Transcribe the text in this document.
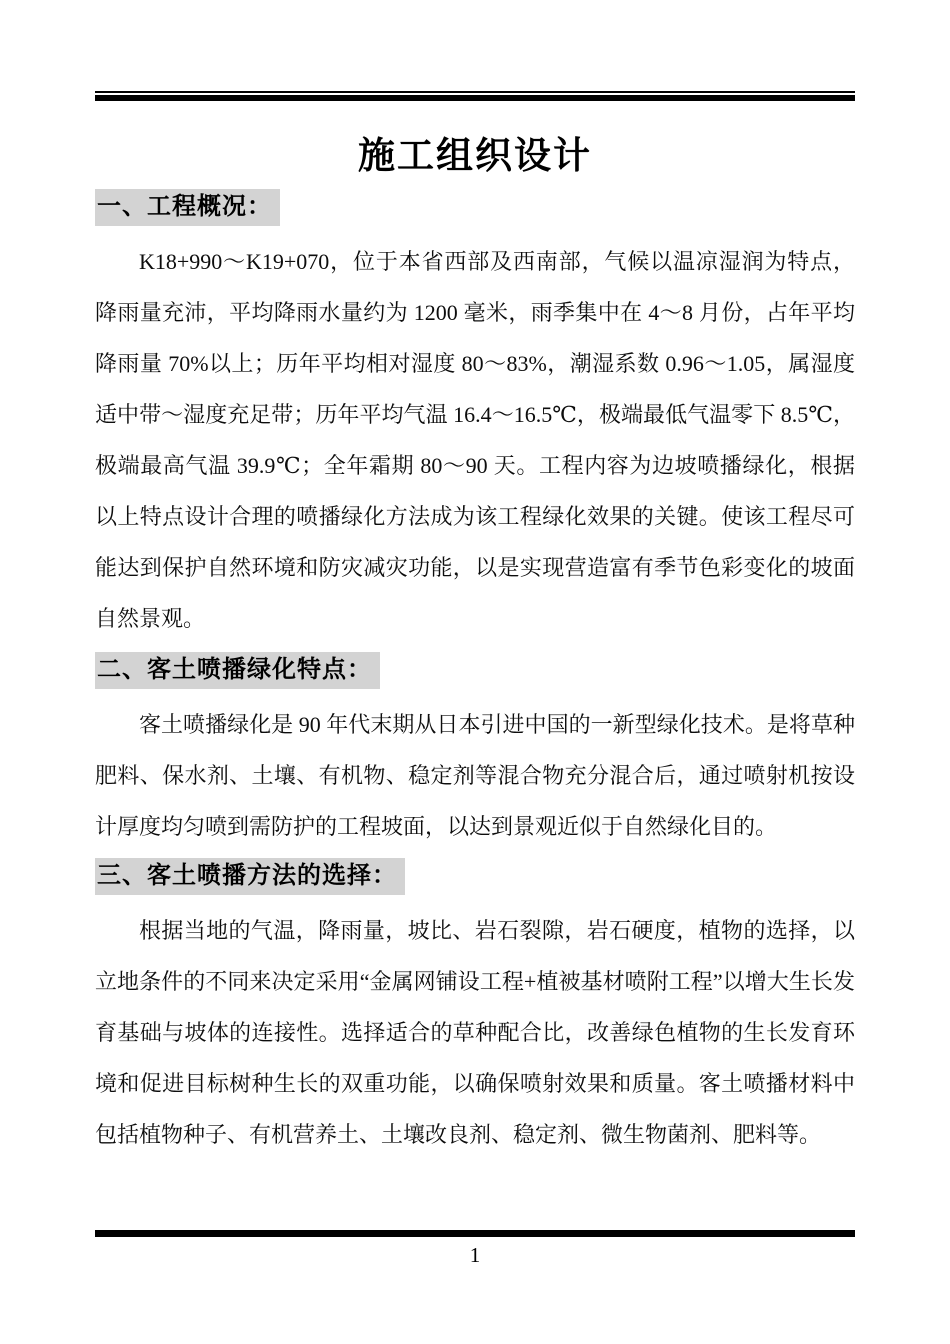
施工组织设计
一、工程概况：

K18+990～K19+070，位于本省西部及西南部，气候以温凉湿润为特点，降雨量充沛，平均降雨水量约为 1200 毫米，雨季集中在 4～8 月份，占年平均降雨量 70%以上；历年平均相对湿度 80～83%，潮湿系数 0.96～1.05，属湿度适中带～湿度充足带；历年平均气温 16.4～16.5℃，极端最低气温零下 8.5℃，极端最高气温 39.9℃；全年霜期 80～90 天。工程内容为边坡喷播绿化，根据以上特点设计合理的喷播绿化方法成为该工程绿化效果的关键。使该工程尽可能达到保护自然环境和防灾减灾功能，以是实现营造富有季节色彩变化的坡面自然景观。

二、客土喷播绿化特点：

客土喷播绿化是 90 年代末期从日本引进中国的一新型绿化技术。是将草种肥料、保水剂、土壤、有机物、稳定剂等混合物充分混合后，通过喷射机按设计厚度均匀喷到需防护的工程坡面，以达到景观近似于自然绿化目的。

三、客土喷播方法的选择：

根据当地的气温，降雨量，坡比、岩石裂隙，岩石硬度，植物的选择，以立地条件的不同来决定采用“金属网铺设工程+植被基材喷附工程”以增大生长发育基础与坡体的连接性。选择适合的草种配合比，改善绿色植物的生长发育环境和促进目标树种生长的双重功能，以确保喷射效果和质量。客土喷播材料中包括植物种子、有机营养土、土壤改良剂、稳定剂、微生物菌剂、肥料等。

1
